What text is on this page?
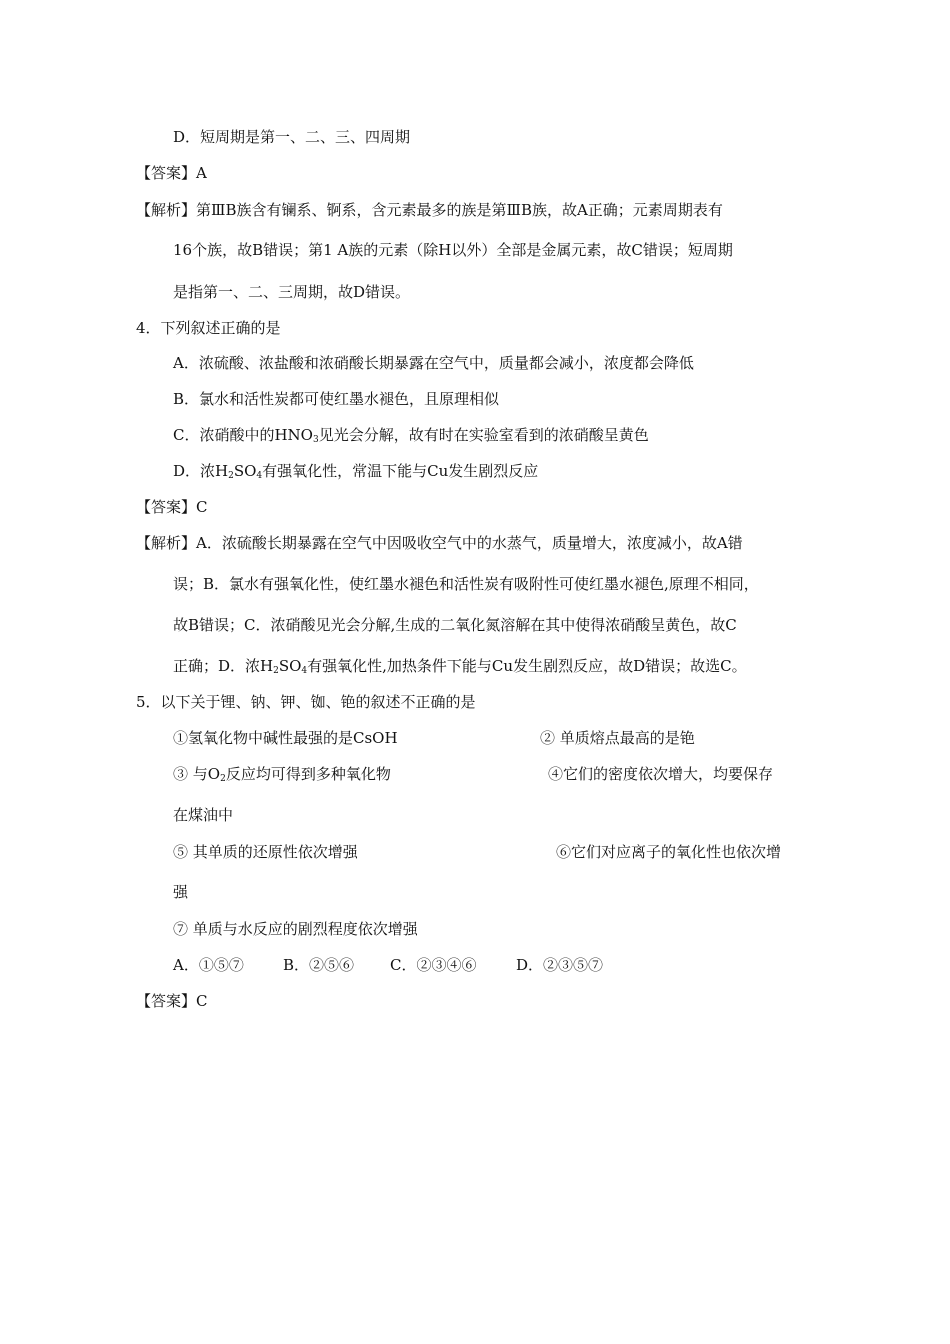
D．短周期是第一、二、三、四周期
【答案】A
【解析】第ⅢB族含有镧系、锕系，含元素最多的族是第ⅢB族，故A正确；元素周期表有
16个族，故B错误；第1 A族的元素（除H以外）全部是金属元素，故C错误；短周期
是指第一、二、三周期，故D错误。
4．下列叙述正确的是
A．浓硫酸、浓盐酸和浓硝酸长期暴露在空气中，质量都会减小，浓度都会降低
B．氯水和活性炭都可使红墨水褪色，且原理相似
C．浓硝酸中的$HNO_3$见光会分解，故有时在实验室看到的浓硝酸呈黄色
D．浓$H_2SO_4$有强氧化性，常温下能与Cu发生剧烈反应
【答案】C
【解析】A．浓硫酸长期暴露在空气中因吸收空气中的水蒸气，质量增大，浓度减小，故A错
误；B．氯水有强氧化性，使红墨水褪色和活性炭有吸附性可使红墨水褪色,原理不相同，
故B错误；C．浓硝酸见光会分解,生成的二氧化氮溶解在其中使得浓硝酸呈黄色，故C
正确；D．浓$H_2SO_4$有强氧化性,加热条件下能与Cu发生剧烈反应，故D错误；故选C。
5．以下关于锂、钠、钾、铷、铯的叙述不正确的是
①氢氧化物中碱性最强的是CsOH	② 单质熔点最高的是铯
③ 与$O_2$反应均可得到多种氧化物	④它们的密度依次增大，均要保存
在煤油中
⑤ 其单质的还原性依次增强	⑥它们对应离子的氧化性也依次增
强
⑦ 单质与水反应的剧烈程度依次增强
A．①⑤⑦	B．②⑤⑥ C．②③④⑥	D．②③⑤⑦
【答案】C
